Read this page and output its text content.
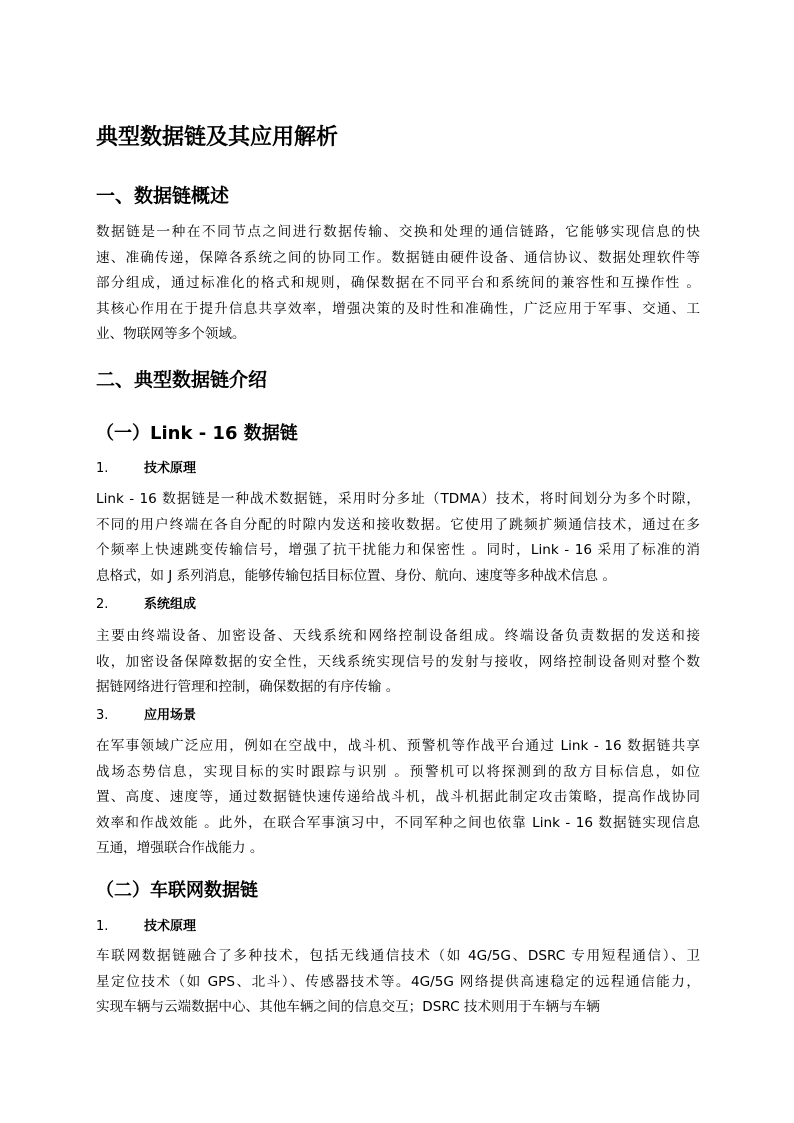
典型数据链及其应用解析
一、数据链概述
数据链是一种在不同节点之间进行数据传输、交换和处理的通信链路，它能够实现信息的快
速、准确传递，保障各系统之间的协同工作。数据链由硬件设备、通信协议、数据处理软件等
部分组成，通过标准化的格式和规则，确保数据在不同平台和系统间的兼容性和互操作性 。
其核心作用在于提升信息共享效率，增强决策的及时性和准确性，广泛应用于军事、交通、工
业、物联网等多个领域。
二、典型数据链介绍
（一）Link - 16 数据链
1.	技术原理
Link - 16 数据链是一种战术数据链，采用时分多址（TDMA）技术，将时间划分为多个时隙，
不同的用户终端在各自分配的时隙内发送和接收数据。它使用了跳频扩频通信技术，通过在多
个频率上快速跳变传输信号，增强了抗干扰能力和保密性 。同时，Link - 16 采用了标准的消
息格式，如 J 系列消息，能够传输包括目标位置、身份、航向、速度等多种战术信息 。
2.	系统组成
主要由终端设备、加密设备、天线系统和网络控制设备组成。终端设备负责数据的发送和接
收，加密设备保障数据的安全性，天线系统实现信号的发射与接收，网络控制设备则对整个数
据链网络进行管理和控制，确保数据的有序传输 。
3.	应用场景
在军事领域广泛应用，例如在空战中，战斗机、预警机等作战平台通过 Link - 16 数据链共享
战场态势信息，实现目标的实时跟踪与识别 。预警机可以将探测到的敌方目标信息，如位
置、高度、速度等，通过数据链快速传递给战斗机，战斗机据此制定攻击策略，提高作战协同
效率和作战效能 。此外，在联合军事演习中，不同军种之间也依靠 Link - 16 数据链实现信息
互通，增强联合作战能力 。
（二）车联网数据链
1.	技术原理
车联网数据链融合了多种技术，包括无线通信技术（如 4G/5G、DSRC 专用短程通信）、卫
星定位技术（如 GPS、北斗）、传感器技术等。4G/5G 网络提供高速稳定的远程通信能力，
实现车辆与云端数据中心、其他车辆之间的信息交互；DSRC 技术则用于车辆与车辆
